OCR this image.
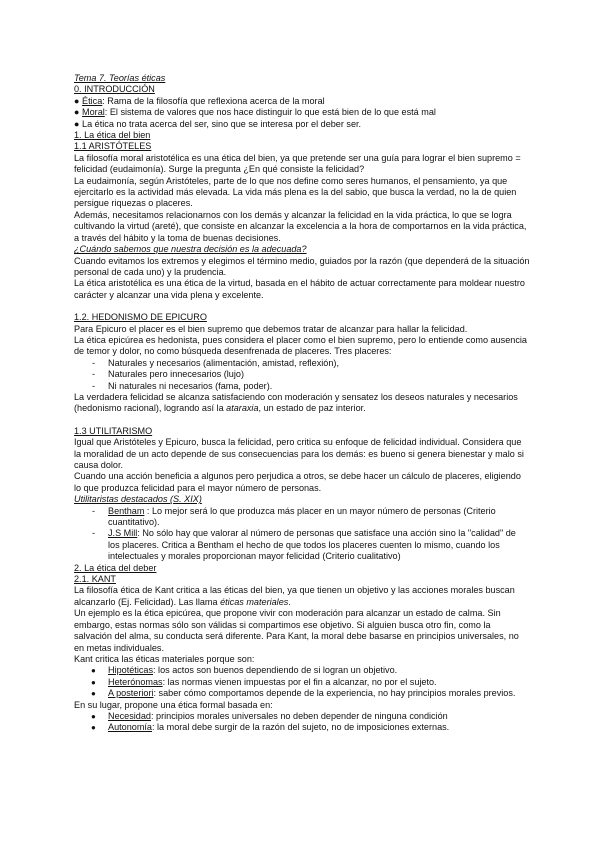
Tema 7. Teorías éticas
0. INTRODUCCIÓN
● Ética: Rama de la filosofía que reflexiona acerca de la moral
● Moral: El sistema de valores que nos hace distinguir lo que está bien de lo que está mal
● La ética no trata acerca del ser, sino que se interesa por el deber ser.
1. La ética del bien
1.1 ARISTÓTELES
La filosofía moral aristotélica es una ética del bien, ya que pretende ser una guía para lograr el bien supremo =
felicidad (eudaimonía). Surge la pregunta ¿En qué consiste la felicidad?
La eudaimonía, según Aristóteles, parte de lo que nos define como seres humanos, el pensamiento, ya que
ejercitarlo es la actividad más elevada. La vida más plena es la del sabio, que busca la verdad, no la de quien
persigue riquezas o placeres.
Además, necesitamos relacionarnos con los demás y alcanzar la felicidad en la vida práctica, lo que se logra
cultivando la virtud (areté), que consiste en alcanzar la excelencia a la hora de comportarnos en la vida práctica,
a través del hábito y la toma de buenas decisiones.
¿Cuándo sabemos que nuestra decisión es la adecuada?
Cuando evitamos los extremos y elegimos el término medio, guiados por la razón (que dependerá de la situación
personal de cada uno) y la prudencia.
La ética aristotélica es una ética de la virtud, basada en el hábito de actuar correctamente para moldear nuestro
carácter y alcanzar una vida plena y excelente.
1.2. HEDONISMO DE EPICURO
Para Epicuro el placer es el bien supremo que debemos tratar de alcanzar para hallar la felicidad.
La ética epicúrea es hedonista, pues considera el placer como el bien supremo, pero lo entiende como ausencia
de temor y dolor, no como búsqueda desenfrenada de placeres. Tres placeres:
- Naturales y necesarios (alimentación, amistad, reflexión),
- Naturales pero innecesarios (lujo)
- Ni naturales ni necesarios (fama, poder).
La verdadera felicidad se alcanza satisfaciendo con moderación y sensatez los deseos naturales y necesarios
(hedonismo racional), logrando así la ataraxia, un estado de paz interior.
1.3 UTILITARISMO
Igual que Aristóteles y Epicuro, busca la felicidad, pero critica su enfoque de felicidad individual. Considera que
la moralidad de un acto depende de sus consecuencias para los demás: es bueno si genera bienestar y malo si
causa dolor.
Cuando una acción beneficia a algunos pero perjudica a otros, se debe hacer un cálculo de placeres, eligiendo
lo que produzca felicidad para el mayor número de personas.
Utilitaristas destacados (S. XIX)
- Bentham : Lo mejor será lo que produzca más placer en un mayor número de personas (Criterio
cuantitativo).
- J.S Mill: No sólo hay que valorar al número de personas que satisface una acción sino la "calidad" de
los placeres. Critica a Bentham el hecho de que todos los placeres cuenten lo mismo, cuando los
intelectuales y morales proporcionan mayor felicidad (Criterio cualitativo)
2. La ética del deber
2.1. KANT
La filosofía ética de Kant critica a las éticas del bien, ya que tienen un objetivo y las acciones morales buscan
alcanzarlo (Ej. Felicidad). Las llama éticas materiales.
Un ejemplo es la ética epicúrea, que propone vivir con moderación para alcanzar un estado de calma. Sin
embargo, estas normas sólo son válidas si compartimos ese objetivo. Si alguien busca otro fin, como la
salvación del alma, su conducta será diferente. Para Kant, la moral debe basarse en principios universales, no
en metas individuales.
Kant critica las éticas materiales porque son:
● Hipotéticas: los actos son buenos dependiendo de si logran un objetivo.
● Heterónomas: las normas vienen impuestas por el fin a alcanzar, no por el sujeto.
● A posteriori: saber cómo comportamos depende de la experiencia, no hay principios morales previos.
En su lugar, propone una ética formal basada en:
● Necesidad: principios morales universales no deben depender de ninguna condición
● Autonomía: la moral debe surgir de la razón del sujeto, no de imposiciones externas.
